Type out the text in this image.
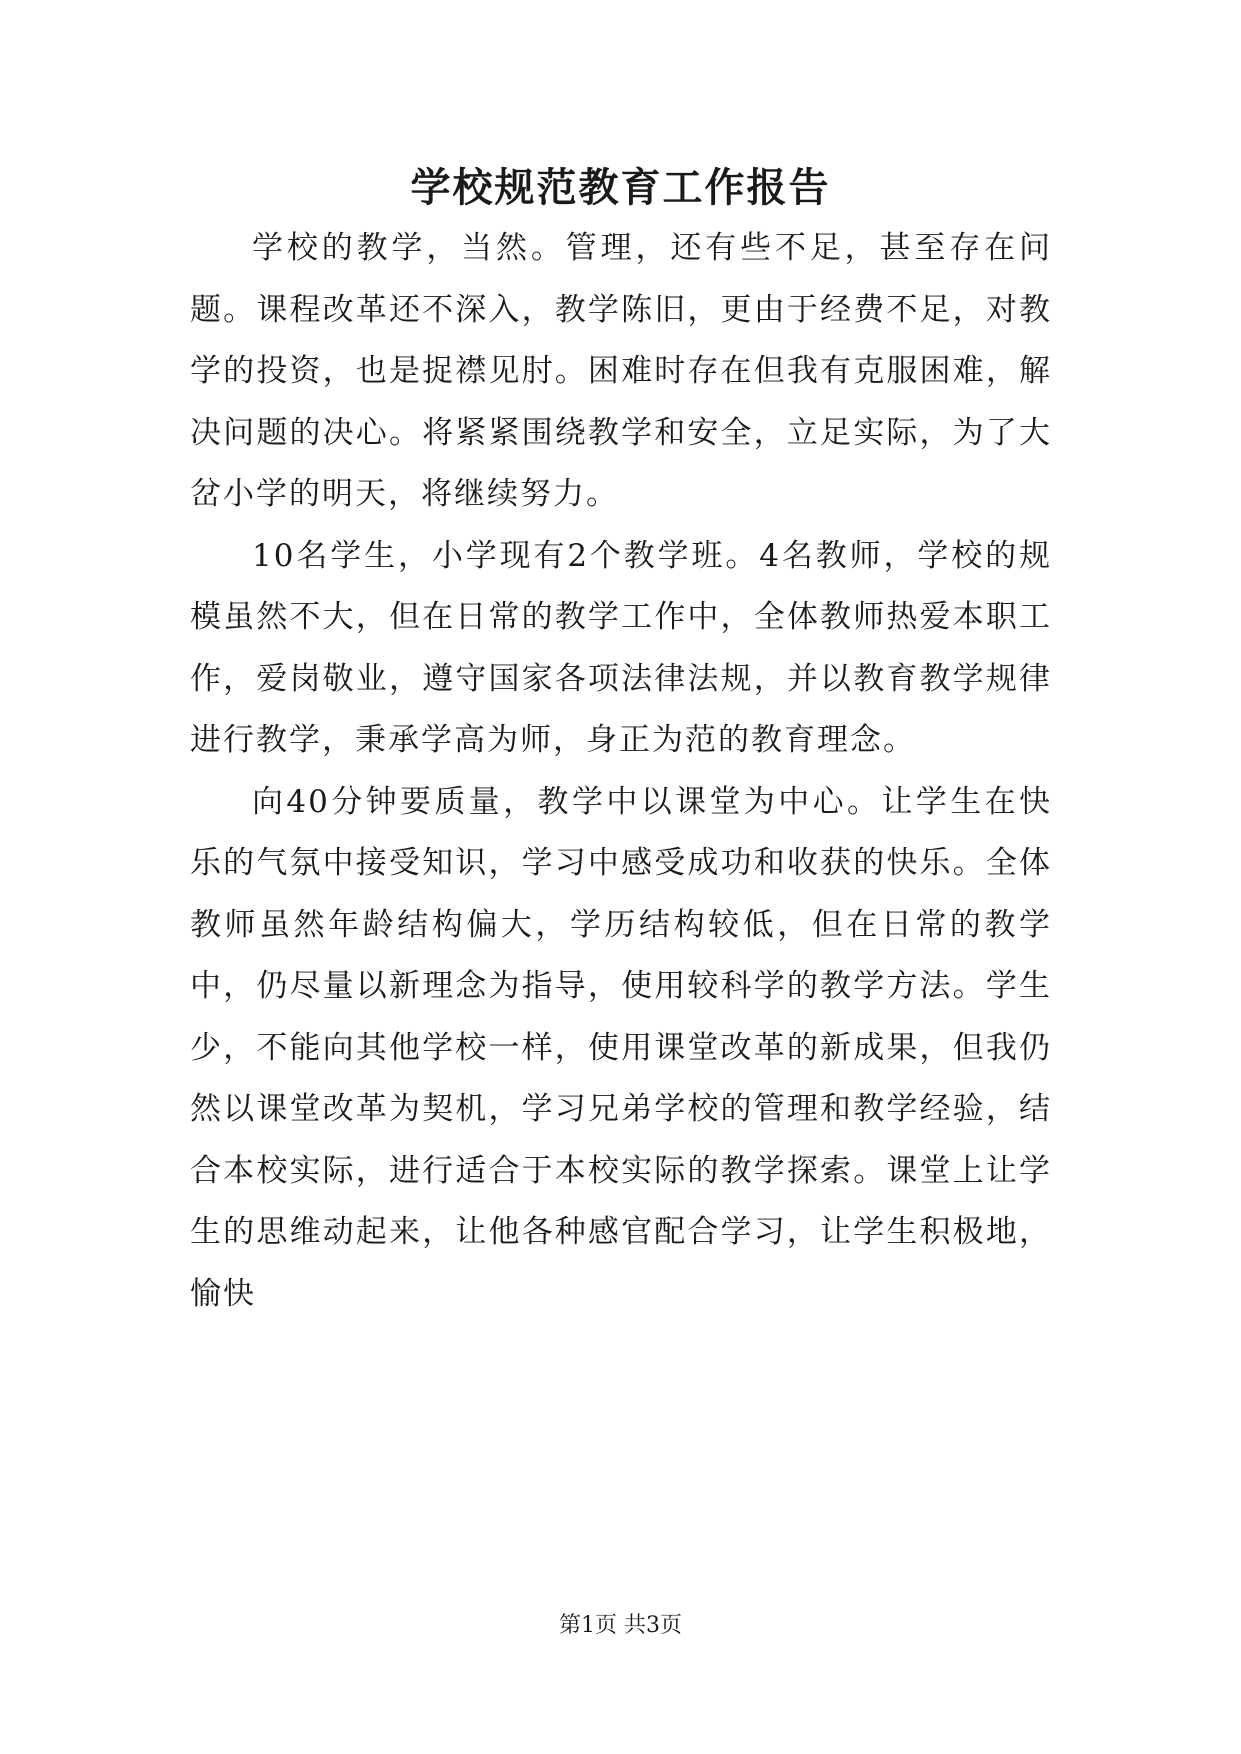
学校规范教育工作报告

学校的教学，当然。管理，还有些不足，甚至存在问题。课程改革还不深入，教学陈旧，更由于经费不足，对教学的投资，也是捉襟见肘。困难时存在但我有克服困难，解决问题的决心。将紧紧围绕教学和安全，立足实际，为了大岔小学的明天，将继续努力。

10名学生，小学现有2个教学班。4名教师，学校的规模虽然不大，但在日常的教学工作中，全体教师热爱本职工作，爱岗敬业，遵守国家各项法律法规，并以教育教学规律进行教学，秉承学高为师，身正为范的教育理念。

向40分钟要质量，教学中以课堂为中心。让学生在快乐的气氛中接受知识，学习中感受成功和收获的快乐。全体教师虽然年龄结构偏大，学历结构较低，但在日常的教学中，仍尽量以新理念为指导，使用较科学的教学方法。学生少，不能向其他学校一样，使用课堂改革的新成果，但我仍然以课堂改革为契机，学习兄弟学校的管理和教学经验，结合本校实际，进行适合于本校实际的教学探索。课堂上让学生的思维动起来，让他各种感官配合学习，让学生积极地，愉快

第1页 共3页
